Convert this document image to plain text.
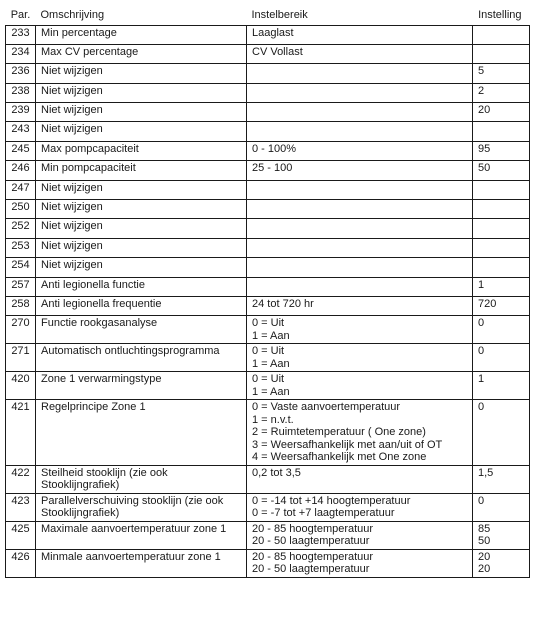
Par.	Omschrijving	Instelbereik	Instelling
233	Min percentage	Laaglast	

234	Max CV percentage	CV Vollast	

236	Niet wijzigen		5

238	Niet wijzigen		2

239	Niet wijzigen		20

243	Niet wijzigen		

245	Max pompcapaciteit	0 - 100%	95

246	Min pompcapaciteit	25 - 100	50

247	Niet wijzigen		

250	Niet wijzigen		

252	Niet wijzigen		

253	Niet wijzigen		

254	Niet wijzigen		

257	Anti legionella functie		1

258	Anti legionella frequentie	24 tot 720 hr	720

270	Functie rookgasanalyse	0 = Uit
1 = Aan	0

271	Automatisch ontluchtingsprogramma	0 = Uit
1 = Aan	0

420	Zone 1 verwarmingstype	0 = Uit
1 = Aan	1

421	Regelprincipe Zone 1	0 = Vaste aanvoertemperatuur
1 = n.v.t.
2 = Ruimtetemperatuur ( One zone)
3 = Weersafhankelijk met aan/uit of OT
4 = Weersafhankelijk met One zone	0

422	Steilheid stooklijn (zie ook
Stooklijngrafiek)	0,2 tot 3,5	1,5

423	Parallelverschuiving stooklijn (zie ook
Stooklijngrafiek)	0 = -14 tot +14 hoogtemperatuur
0 = -7 tot +7 laagtemperatuur	0

425	Maximale aanvoertemperatuur zone 1	20 - 85 hoogtemperatuur
20 - 50 laagtemperatuur	85
50

426	Minmale aanvoertemperatuur zone 1	20 - 85 hoogtemperatuur
20 - 50 laagtemperatuur	20
20
